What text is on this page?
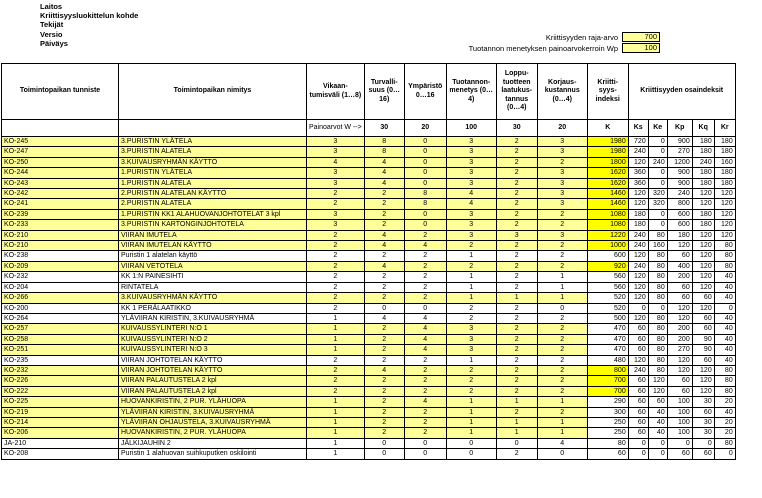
Laitos
Kriittisyysluokittelun kohde
Tekijät
Versio
Päiväys
Kriittisyyden raja-arvo	700
Tuotannon menetyksen painoarvokerroin Wp	100
Toimintopaikan tunniste	Toimintopaikan nimitys	Vikaan-tumisväli (1…8)	Turvalli-suus (0…16)	Ympäristö 0…16	Tuotannon-menetys (0…4)	Loppu-tuotteen laatukus-tannus (0…4)	Korjaus-kustannus (0…4)	Kriitti-syys-indeksi	Kriittisyyden osaindeksit				
		Painoarvot W -->	30	20	100	30	20	K	Ks	Ke	Kp	Kq	Kr
KO-245	3.PURISTIN YLÄTELA	3	8	0	3	2	3	1980	720	0	900	180	180
KO-247	3.PURISTIN ALATELA	3	8	0	3	2	3	1980	240	0	270	180	180
KO-250	3.KUIVAUSRYHMÄN KÄYTTÖ	4	4	0	3	2	2	1800	120	240	1200	240	160
KO-244	1.PURISTIN YLÄTELA	3	4	0	3	2	3	1620	360	0	900	180	180
KO-243	1.PURISTIN ALATELA	3	4	0	3	2	3	1620	360	0	900	180	180
KO-242	2.PURISTIN ALATELAN KÄYTTÖ	2	2	8	4	2	3	1460	120	320	240	120	120
KO-241	2.PURISTIN ALATELA	2	2	8	4	2	3	1460	120	320	800	120	120
KO-239	1.PURISTIN KK1 ALAHUOVANJOHTOTELAT 3 kpl	3	2	0	3	2	2	1080	180	0	600	180	120
KO-233	3.PURISTIN KARTONGINJOHTOTELA	3	2	0	3	2	2	1080	180	0	600	180	120
KO-210	VIIRAN IMUTELA	2	4	2	3	3	3	1220	240	80	180	120	120
KO-210	VIIRAN IMUTELAN KÄYTTÖ	2	4	4	2	2	2	1000	240	160	120	120	80
KO-238	Puristin 1 alatelan käyttö	2	2	2	1	2	2	600	120	80	60	120	80
KO-209	VIIRAN VETOTELA	2	4	2	2	2	2	920	240	80	400	120	80
KO-232	KK 1:N PAINESIHTI	2	2	2	1	2	1	560	120	80	200	120	40
KO-204	RINTATELA	2	2	2	1	2	1	560	120	80	60	120	40
KO-266	3.KUIVAUSRYHMÄN KÄYTTÖ	2	2	2	1	1	1	520	120	80	60	60	40
KO-200	KK 1 PERÄLAATIKKO	2	0	0	2	2	0	520	0	0	120	120	0
KO-264	YLÄVIIRAN KIRISTIN, 3.KUIVAUSRYHMÄ	1	4	4	2	2	2	500	120	80	120	60	40
KO-257	KUIVAUSSYLINTERI N:O 1	1	2	4	3	2	2	470	60	80	200	60	40
KO-258	KUIVAUSSYLINTERI N:O 2	1	2	4	3	2	2	470	60	80	200	90	40
KO-251	KUIVAUSSYLINTERI N:O 3	1	2	4	3	2	2	470	60	80	270	90	40
KO-235	VIIRAN JOHTOTELAN KÄYTTÖ	2	2	2	1	2	2	480	120	80	120	60	40
KO-232	VIIRAN JOHTOTELAN KÄYTTÖ	2	4	2	2	2	2	800	240	80	120	120	80
KO-226	VIIRAN PALAUTUSTELA 2 kpl	2	2	2	2	2	2	700	60	120	60	120	80
KO-222	VIIRAN PALAUTUSTELA 2 kpl	2	2	2	2	2	2	700	60	120	60	120	80
KO-225	HUOVANKIRISTIN, 2 PUR. YLÄHUOPA	1	2	4	1	1	1	290	60	60	100	30	20
KO-219	YLÄVIIRAN KIRISTIN, 3.KUIVAUSRYHMÄ	1	2	2	1	2	2	300	60	40	100	60	40
KO-214	YLÄVIIRAN OHJAUSTELA, 3.KUIVAUSRYHMÄ	1	2	2	1	1	1	250	60	40	100	30	20
KO-206	HUOVANKIRISTIN, 2 PUR. YLÄHUOPA	1	2	2	1	1	1	250	60	40	100	30	20
JA-210	JÄLKIJAUHIN 2	1	0	0	0	0	4	80	0	0	0	0	80
KO-208	Puristin 1 alahuovan suihkuputken oskilointi	1	0	0	0	2	0	60	0	0	60	60	0
